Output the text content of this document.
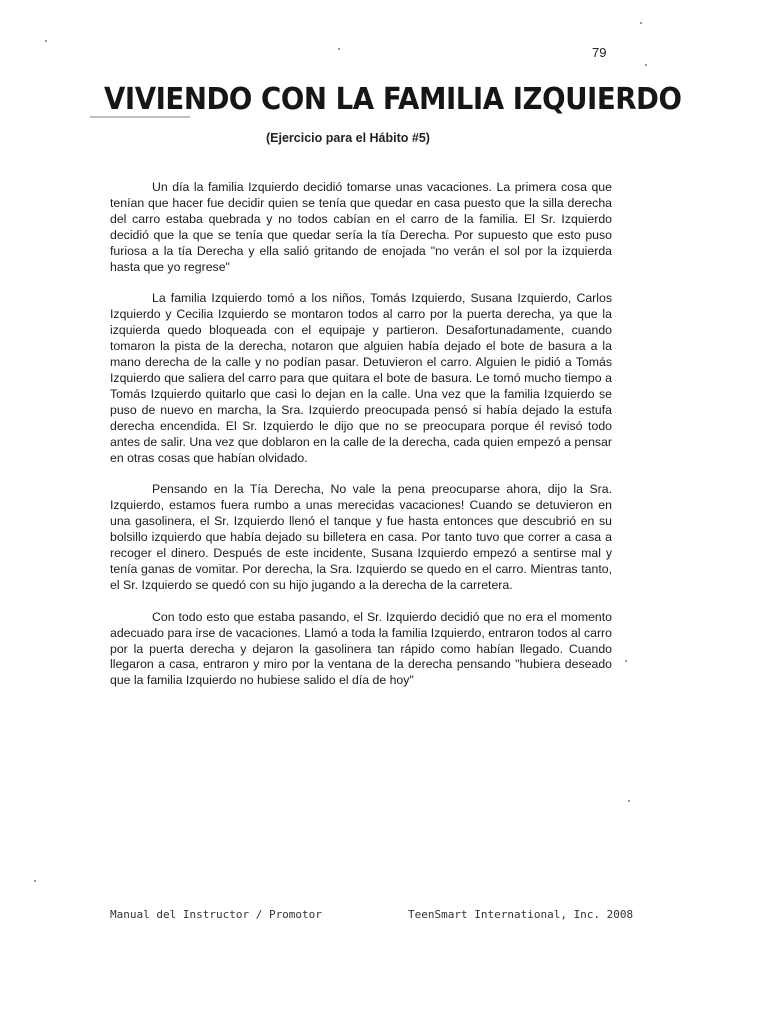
79
VIVIENDO CON LA FAMILIA IZQUIERDO
(Ejercicio para el Hábito #5)

Un día la familia Izquierdo decidió tomarse unas vacaciones. La primera cosa que tenían que hacer fue decidir quien se tenía que quedar en casa puesto que la silla derecha del carro estaba quebrada y no todos cabían en el carro de la familia. El Sr. Izquierdo decidió que la que se tenía que quedar sería la tía Derecha. Por supuesto que esto puso furiosa a la tía Derecha y ella salió gritando de enojada "no verán el sol por la izquierda hasta que yo regrese"

La familia Izquierdo tomó a los niños, Tomás Izquierdo, Susana Izquierdo, Carlos Izquierdo y Cecilia Izquierdo se montaron todos al carro por la puerta derecha, ya que la izquierda quedo bloqueada con el equipaje y partieron. Desafortunadamente, cuando tomaron la pista de la derecha, notaron que alguien había dejado el bote de basura a la mano derecha de la calle y no podían pasar. Detuvieron el carro. Alguien le pidió a Tomás Izquierdo que saliera del carro para que quitara el bote de basura. Le tomó mucho tiempo a Tomás Izquierdo quitarlo que casi lo dejan en la calle. Una vez que la familia Izquierdo se puso de nuevo en marcha, la Sra. Izquierdo preocupada pensó si había dejado la estufa derecha encendida. El Sr. Izquierdo le dijo que no se preocupara porque él revisó todo antes de salir. Una vez que doblaron en la calle de la derecha, cada quien empezó a pensar en otras cosas que habían olvidado.

Pensando en la Tía Derecha, No vale la pena preocuparse ahora, dijo la Sra. Izquierdo, estamos fuera rumbo a unas merecidas vacaciones! Cuando se detuvieron en una gasolinera, el Sr. Izquierdo llenó el tanque y fue hasta entonces que descubrió en su bolsillo izquierdo que había dejado su billetera en casa. Por tanto tuvo que correr a casa a recoger el dinero. Después de este incidente, Susana Izquierdo empezó a sentirse mal y tenía ganas de vomitar. Por derecha, la Sra. Izquierdo se quedo en el carro. Mientras tanto, el Sr. Izquierdo se quedó con su hijo jugando a la derecha de la carretera.

Con todo esto que estaba pasando, el Sr. Izquierdo decidió que no era el momento adecuado para irse de vacaciones. Llamó a toda la familia Izquierdo, entraron todos al carro por la puerta derecha y dejaron la gasolinera tan rápido como habían llegado. Cuando llegaron a casa, entraron y miro por la ventana de la derecha pensando "hubiera deseado que la familia Izquierdo no hubiese salido el día de hoy"

Manual del Instructor / Promotor	TeenSmart International, Inc. 2008
